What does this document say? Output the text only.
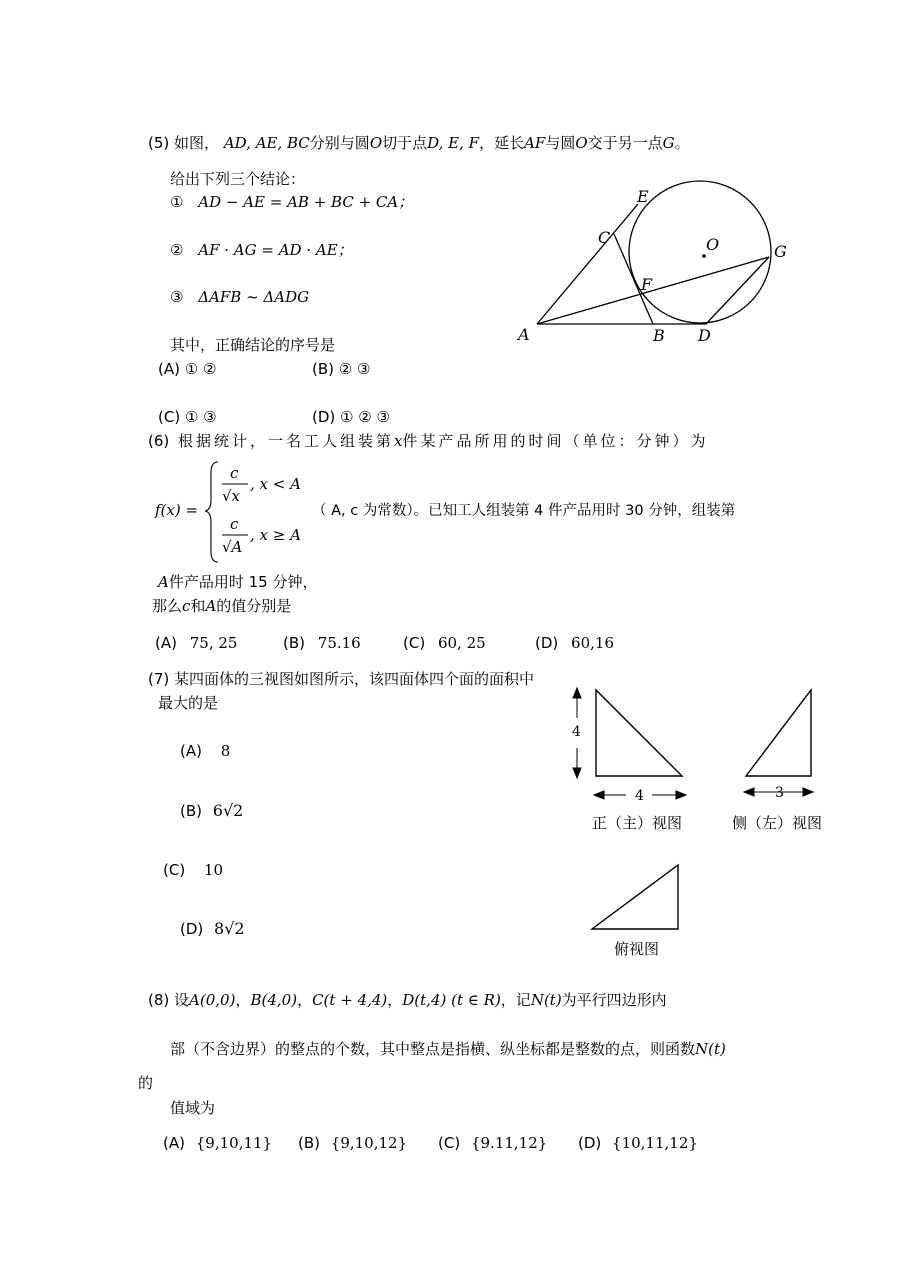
(5) 如图， AD, AE, BC分别与圆O切于点D, E, F，延长AF与圆O交于另一点G。
给出下列三个结论：
① AD − AE = AB + BC + CA；
② AF · AG = AD · AE；
③ ΔAFB ~ ΔADG
其中，正确结论的序号是
(A) ① ②	(B) ② ③
(C) ① ③	(D) ① ② ③
E
C	O	G
F
A	B D
(6) 根据统计，一名工人组装第x件某产品所用的时间（单位：分钟）为
f(x) =
c
√x
, x < A
c
√A
, x ≥ A
（ A, c 为常数）。已知工人组装第 4 件产品用时 30 分钟，组装第
A件产品用时 15 分钟，
那么c和A的值分别是
(A) 75, 25	(B) 75.16	(C) 60, 25	(D) 60,16
(7) 某四面体的三视图如图所示，该四面体四个面的面积中
最大的是
(A) 8
(B) 6√2
(C) 10
(D) 8√2
4
4	3
正（主）视图	侧（左）视图
俯视图
(8) 设A(0,0)，B(4,0)，C(t + 4,4)，D(t,4) (t ∈ R)，记N(t)为平行四边形内
部（不含边界）的整点的个数，其中整点是指横、纵坐标都是整数的点，则函数N(t)
的
值域为
(A) {9,10,11} (B) {9,10,12} (C) {9.11,12} (D) {10,11,12}
